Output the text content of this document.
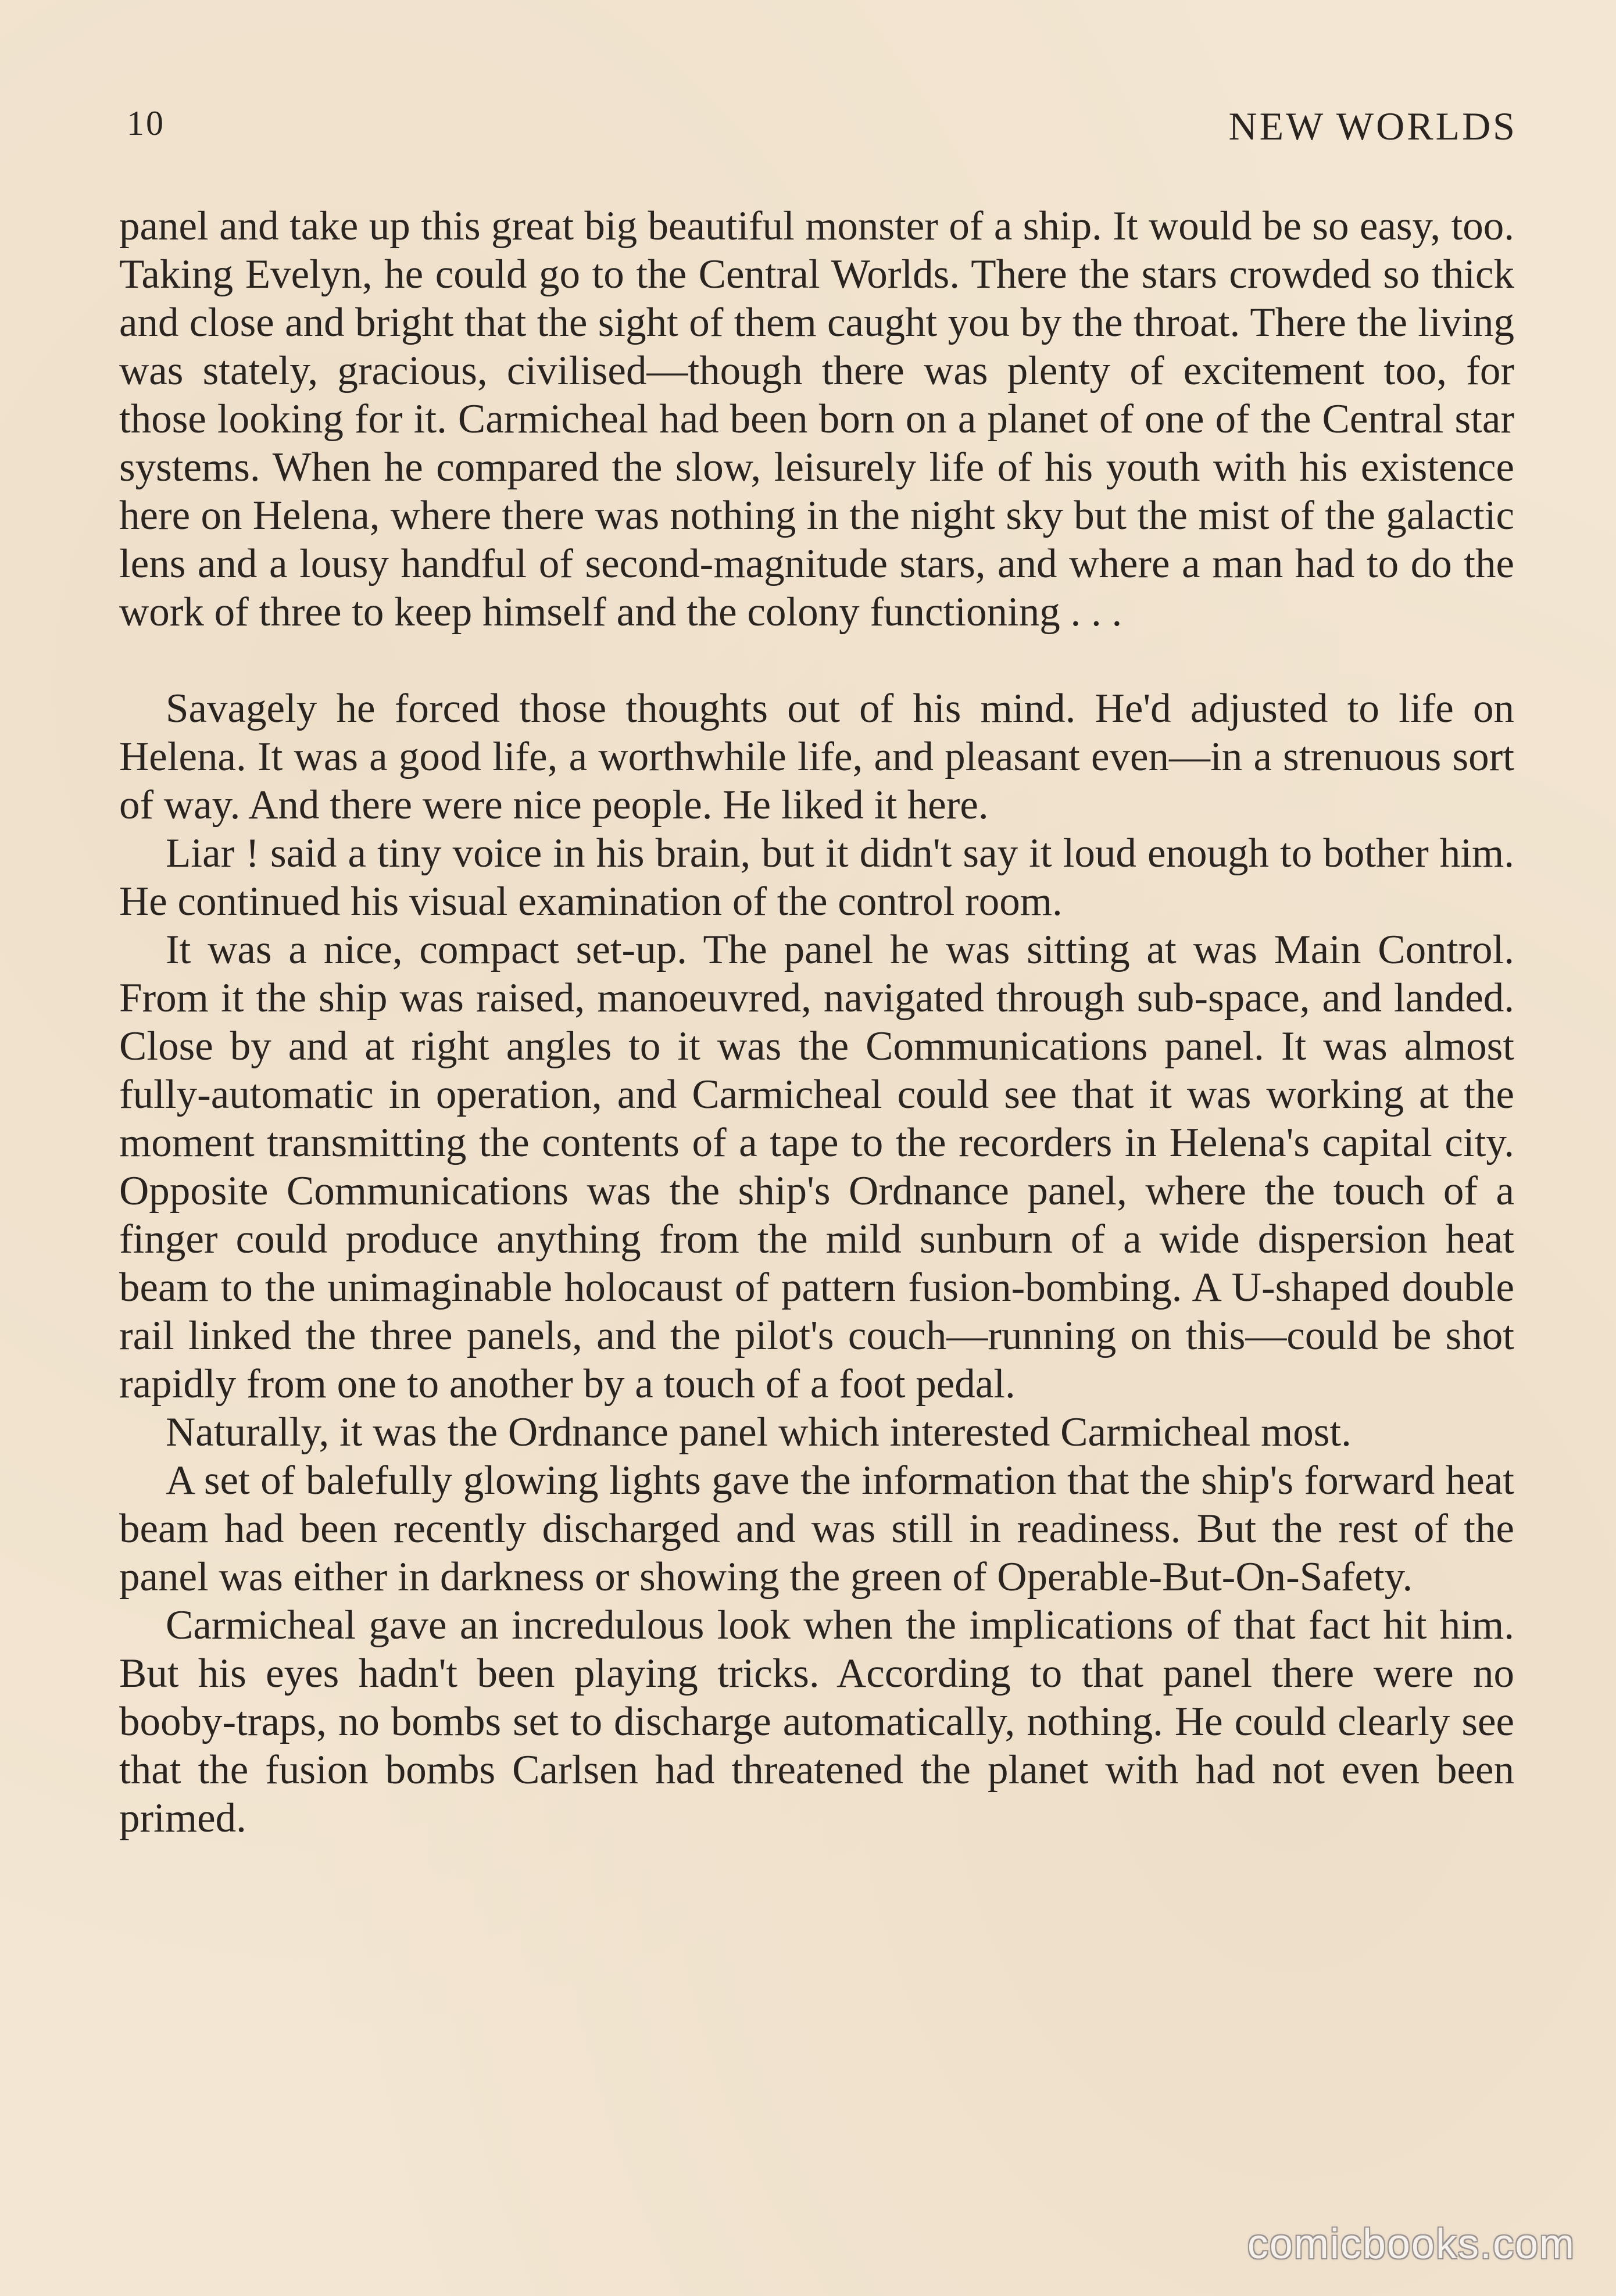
10	NEW WORLDS

panel and take up this great big beautiful monster of a ship. It would be so easy, too. Taking Evelyn, he could go to the Central Worlds. There the stars crowded so thick and close and bright that the sight of them caught you by the throat. There the living was stately, gracious, civilised—though there was plenty of excitement too, for those looking for it. Carmicheal had been born on a planet of one of the Central star systems. When he compared the slow, leisurely life of his youth with his existence here on Helena, where there was nothing in the night sky but the mist of the galactic lens and a lousy handful of second-magnitude stars, and where a man had to do the work of three to keep himself and the colony functioning . . .

Savagely he forced those thoughts out of his mind. He'd adjusted to life on Helena. It was a good life, a worthwhile life, and pleasant even—in a strenuous sort of way. And there were nice people. He liked it here.

Liar ! said a tiny voice in his brain, but it didn't say it loud enough to bother him. He continued his visual examination of the control room.

It was a nice, compact set-up. The panel he was sitting at was Main Control. From it the ship was raised, manoeuvred, navigated through sub-space, and landed. Close by and at right angles to it was the Communications panel. It was almost fully-automatic in operation, and Carmicheal could see that it was working at the moment transmitting the contents of a tape to the recorders in Helena's capital city. Opposite Communications was the ship's Ordnance panel, where the touch of a finger could produce anything from the mild sunburn of a wide dispersion heat beam to the unimaginable holocaust of pattern fusion-bombing. A U-shaped double rail linked the three panels, and the pilot's couch—running on this—could be shot rapidly from one to another by a touch of a foot pedal.

Naturally, it was the Ordnance panel which interested Carmicheal most.

A set of balefully glowing lights gave the information that the ship's forward heat beam had been recently discharged and was still in readiness. But the rest of the panel was either in darkness or showing the green of Operable-But-On-Safety.

Carmicheal gave an incredulous look when the implications of that fact hit him. But his eyes hadn't been playing tricks. According to that panel there were no booby-traps, no bombs set to discharge automatically, nothing. He could clearly see that the fusion bombs Carlsen had threatened the planet with had not even been primed.

comicbooks.com
